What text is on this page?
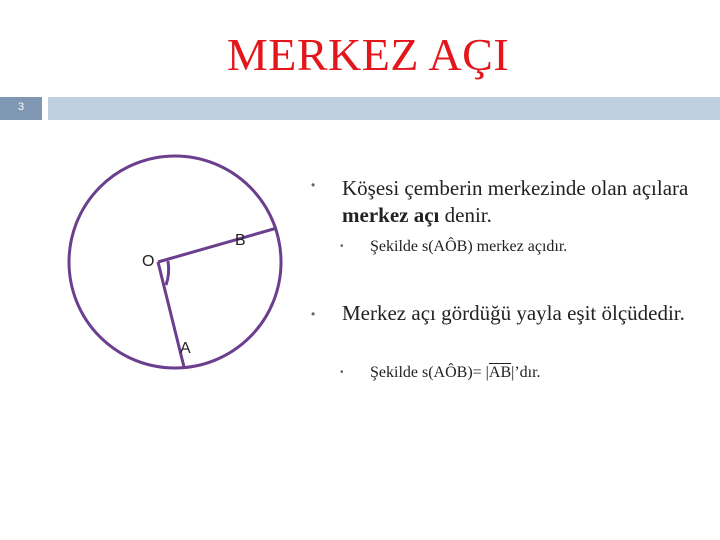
MERKEZ AÇI
3
O
B
A
• Köşesi çemberin merkezinde olan açılara merkez açı denir.
• Şekilde s(AÔB) merkez açıdır.
• Merkez açı gördüğü yayla eşit ölçüdedir.
• Şekilde s(AÔB)= $|\overline{AB}|’dır$.
